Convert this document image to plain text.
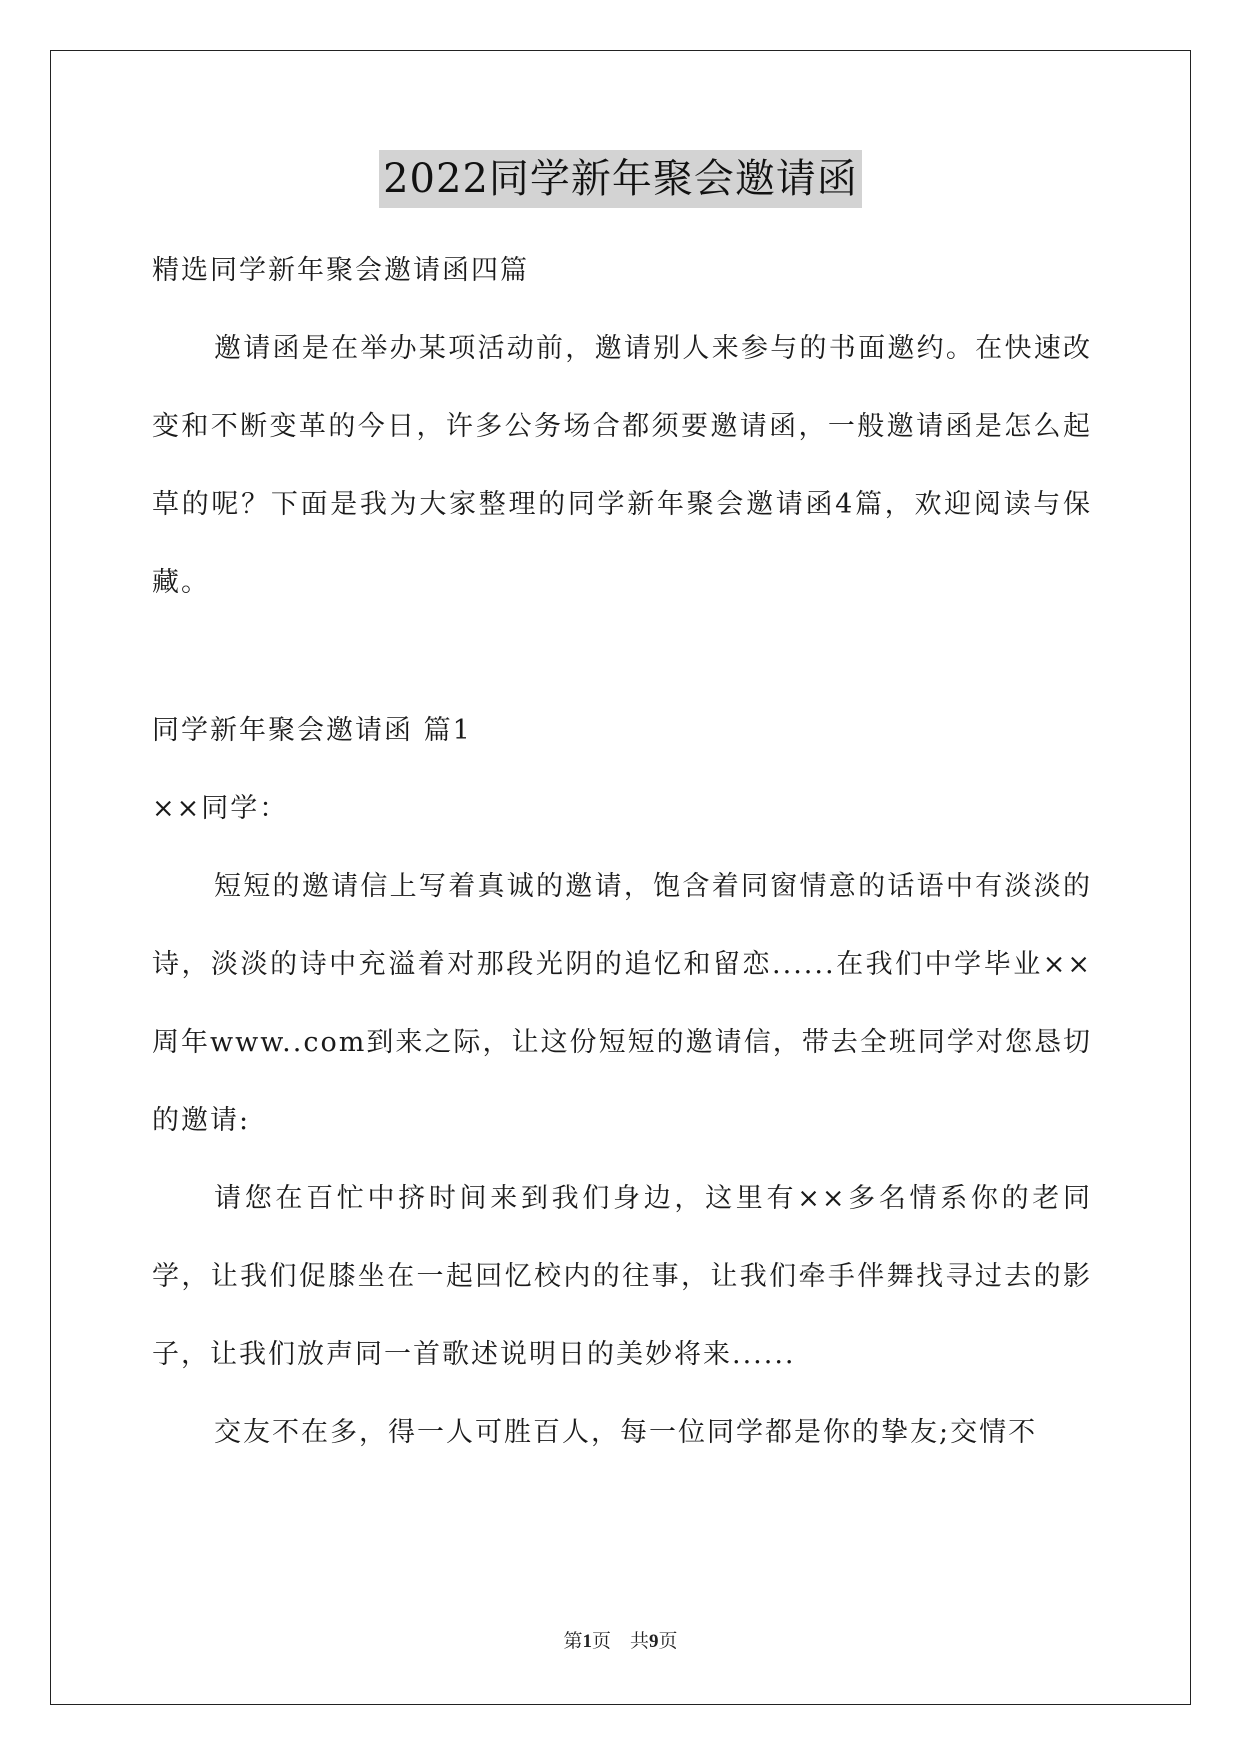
2022同学新年聚会邀请函

精选同学新年聚会邀请函四篇

邀请函是在举办某项活动前，邀请别人来参与的书面邀约。在快速改变和不断变革的今日，许多公务场合都须要邀请函，一般邀请函是怎么起草的呢？下面是我为大家整理的同学新年聚会邀请函4篇，欢迎阅读与保藏。

同学新年聚会邀请函 篇1

××同学：

短短的邀请信上写着真诚的邀请，饱含着同窗情意的话语中有淡淡的诗，淡淡的诗中充溢着对那段光阴的追忆和留恋......在我们中学毕业××周年www..com到来之际，让这份短短的邀请信，带去全班同学对您恳切的邀请:

请您在百忙中挤时间来到我们身边，这里有××多名情系你的老同学，让我们促膝坐在一起回忆校内的往事，让我们牵手伴舞找寻过去的影子，让我们放声同一首歌述说明日的美妙将来......

交友不在多，得一人可胜百人，每一位同学都是你的挚友;交情不

第1页　共9页
